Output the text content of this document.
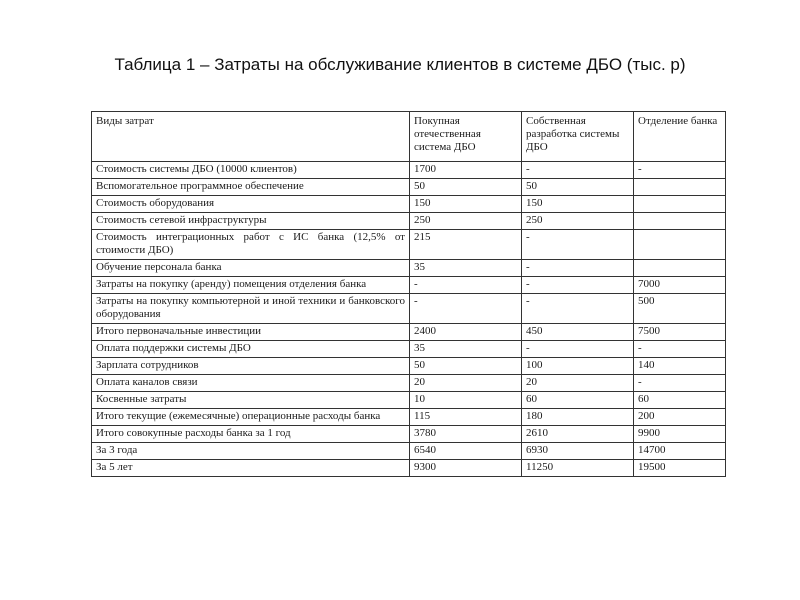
Таблица 1 – Затраты на обслуживание клиентов в системе ДБО (тыс. р)
Виды затрат	Покупная отечественная система ДБО	Собственная разработка системы ДБО	Отделение банка
Стоимость системы ДБО (10000 клиентов)	1700	-	-
Вспомогательное программное обеспечение	50	50	
Стоимость оборудования	150	150	
Стоимость сетевой инфраструктуры	250	250	
Стоимость интеграционных работ с ИС банка (12,5% от стоимости ДБО)	215	-	
Обучение персонала банка	35	-	
Затраты на покупку (аренду) помещения отделения банка	-	-	7000
Затраты на покупку компьютерной и иной техники и банковского оборудования	-	-	500
Итого первоначальные инвестиции	2400	450	7500
Оплата поддержки системы ДБО	35	-	-
Зарплата сотрудников	50	100	140
Оплата каналов связи	20	20	-
Косвенные затраты	10	60	60
Итого текущие (ежемесячные) операционные расходы банка	115	180	200
Итого совокупные расходы банка за 1 год	3780	2610	9900
За 3 года	6540	6930	14700
За 5 лет	9300	11250	19500
